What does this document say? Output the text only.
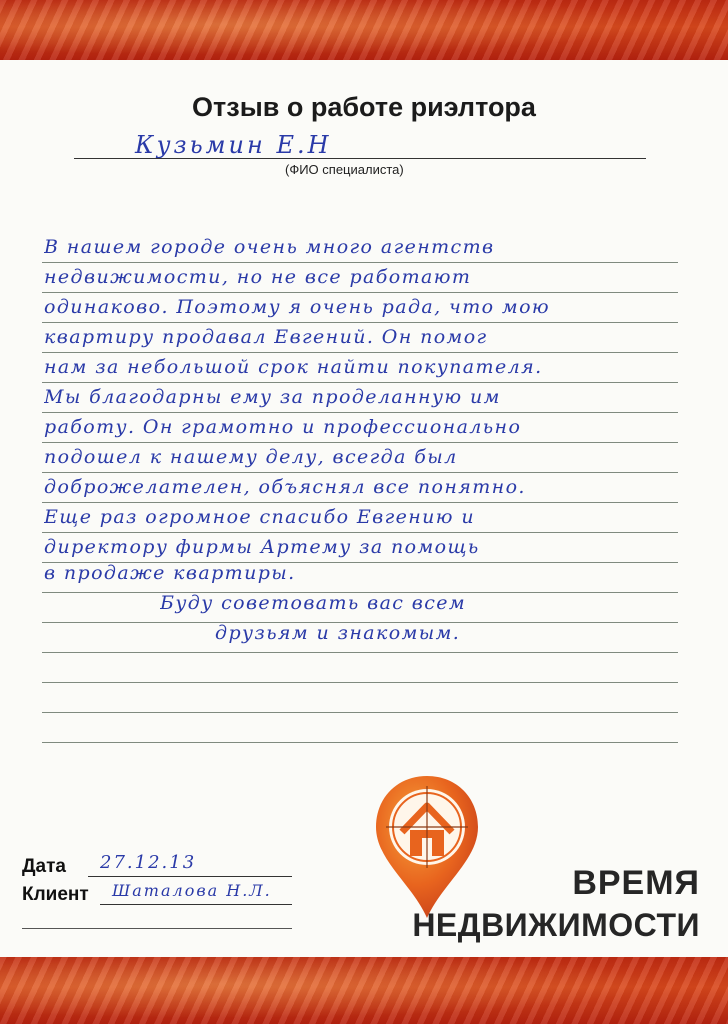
Отзыв о работе риэлтора
Кузьмин Е.Н
(ФИО специалиста)
В нашем городе очень много агентств
недвижимости, но не все работают
одинаково. Поэтому я очень рада, что мою
квартиру продавал Евгений. Он помог
нам за небольшой срок найти покупателя.
Мы благодарны ему за проделанную им
работу. Он грамотно и профессионально
подошел к нашему делу, всегда был
доброжелателен, объяснял все понятно.
Еще раз огромное спасибо Евгению и
директору фирмы Артему за помощь
в продаже квартиры.
Буду советовать вас всем
друзьям и знакомым.
Дата 27.12.13
Клиент Шаталова Н.Л.	ВРЕМЯ
НЕДВИЖИМОСТИ
